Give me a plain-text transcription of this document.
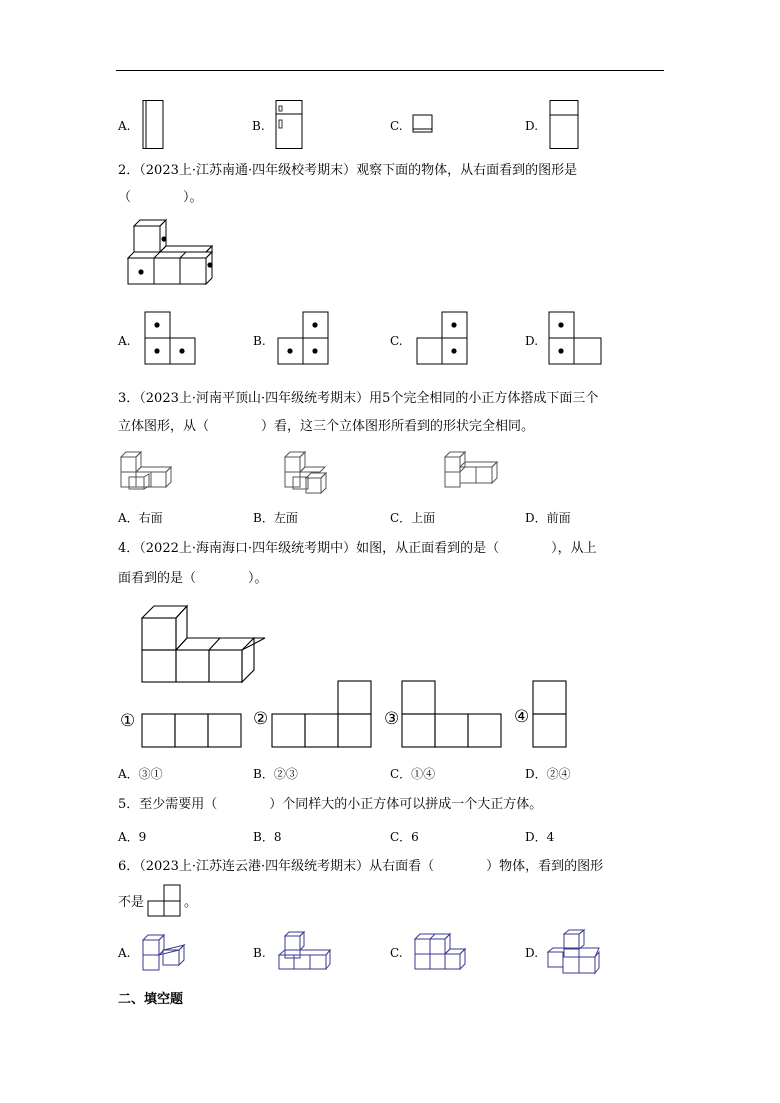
A.	B.	C.	D.
2．（2023上·江苏南通·四年级校考期末）观察下面的物体，从右面看到的图形是
（　　　　）。
A.	B.	C.	D.
3．（2023上·河南平顶山·四年级统考期末）用5个完全相同的小正方体搭成下面三个
立体图形，从（　　　　）看，这三个立体图形所看到的形状完全相同。
A．右面	B．左面	C．上面	D．前面
4．（2022上·海南海口·四年级统考期中）如图，从正面看到的是（　　　　），从上
面看到的是（　　　　）。
①	②	③	④
A．③①	B．②③	C．①④	D．②④
5．至少需要用（　　　　）个同样大的小正方体可以拼成一个大正方体。
A．9	B．8	C．6	D．4
6．（2023上·江苏连云港·四年级统考期末）从右面看（　　　　）物体，看到的图形
不是	。
A.	B.	C.	D.
二、填空题
